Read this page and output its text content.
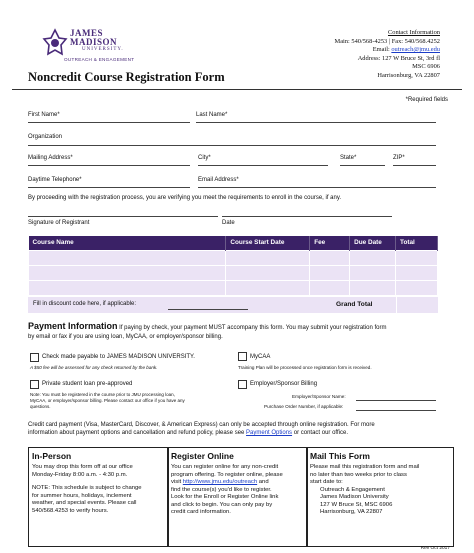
JAMES
MADISON
UNIVERSITY.
OUTREACH & ENGAGEMENT
Contact Information
Main: 540/568-4253 | Fax: 540/568.4252
Email: outreach@jmu.edu
Address: 127 W Bruce St, 3rd fl
MSC 6906
Harrisonburg, VA 22807
Noncredit Course Registration Form
*Required fields
First Name*	Last Name*
Organization
Mailing Address*	City*	State*	ZIP*
Daytime Telephone*	Email Address*
By proceeding with the registration process, you are verifying you meet the requirements to enroll in the course, if any.
Signature of Registrant	Date
Course Name	Course Start Date	Fee	Due Date	Total

Fill in discount code here, if applicable:	Grand Total
Payment Information If paying by check, your payment MUST accompany this form. You may submit your registration form
by email or fax if you are using loan, MyCAA, or employer/sponsor billing.
Check made payable to JAMES MADISON UNIVERSITY.
A $50 fee will be assessed for any check returned by the bank.
MyCAA
Training Plan will be processed once registration form is received.
Private student loan pre-approved
Note: You must be registered in the course prior to JMU processing loan,
MyCAA, or employer/sponsor billing. Please contact our office if you have any
questions.
Employer/Sponsor Billing
Employer/Sponsor Name:
Purchase Order Number, if applicable:
Credit card payment (Visa, MasterCard, Discover, & American Express) can only be accepted through online registration. For more
information about payment options and cancellation and refund policy, please see Payment Options or contact our office.
In-Person
You may drop this form off at our office
Monday-Friday 8:00 a.m. - 4:30 p.m.
NOTE: This schedule is subject to change
for summer hours, holidays, inclement
weather, and special events. Please call
540/568.4253 to verify hours.
Register Online
You can register online for any non-credit
program offering. To register online, please
visit http://www.jmu.edu/outreach and
find the course(s) you'd like to register.
Look for the Enroll or Register Online link
and click to begin. You can only pay by
credit card information.
Mail This Form
Please mail this registration form and mail
no later than two weeks prior to class
start date to:
Outreach & Engagement
James Madison University
127 W Bruce St, MSC 6906
Harrisonburg, VA 22807
Rev Oct 2017
